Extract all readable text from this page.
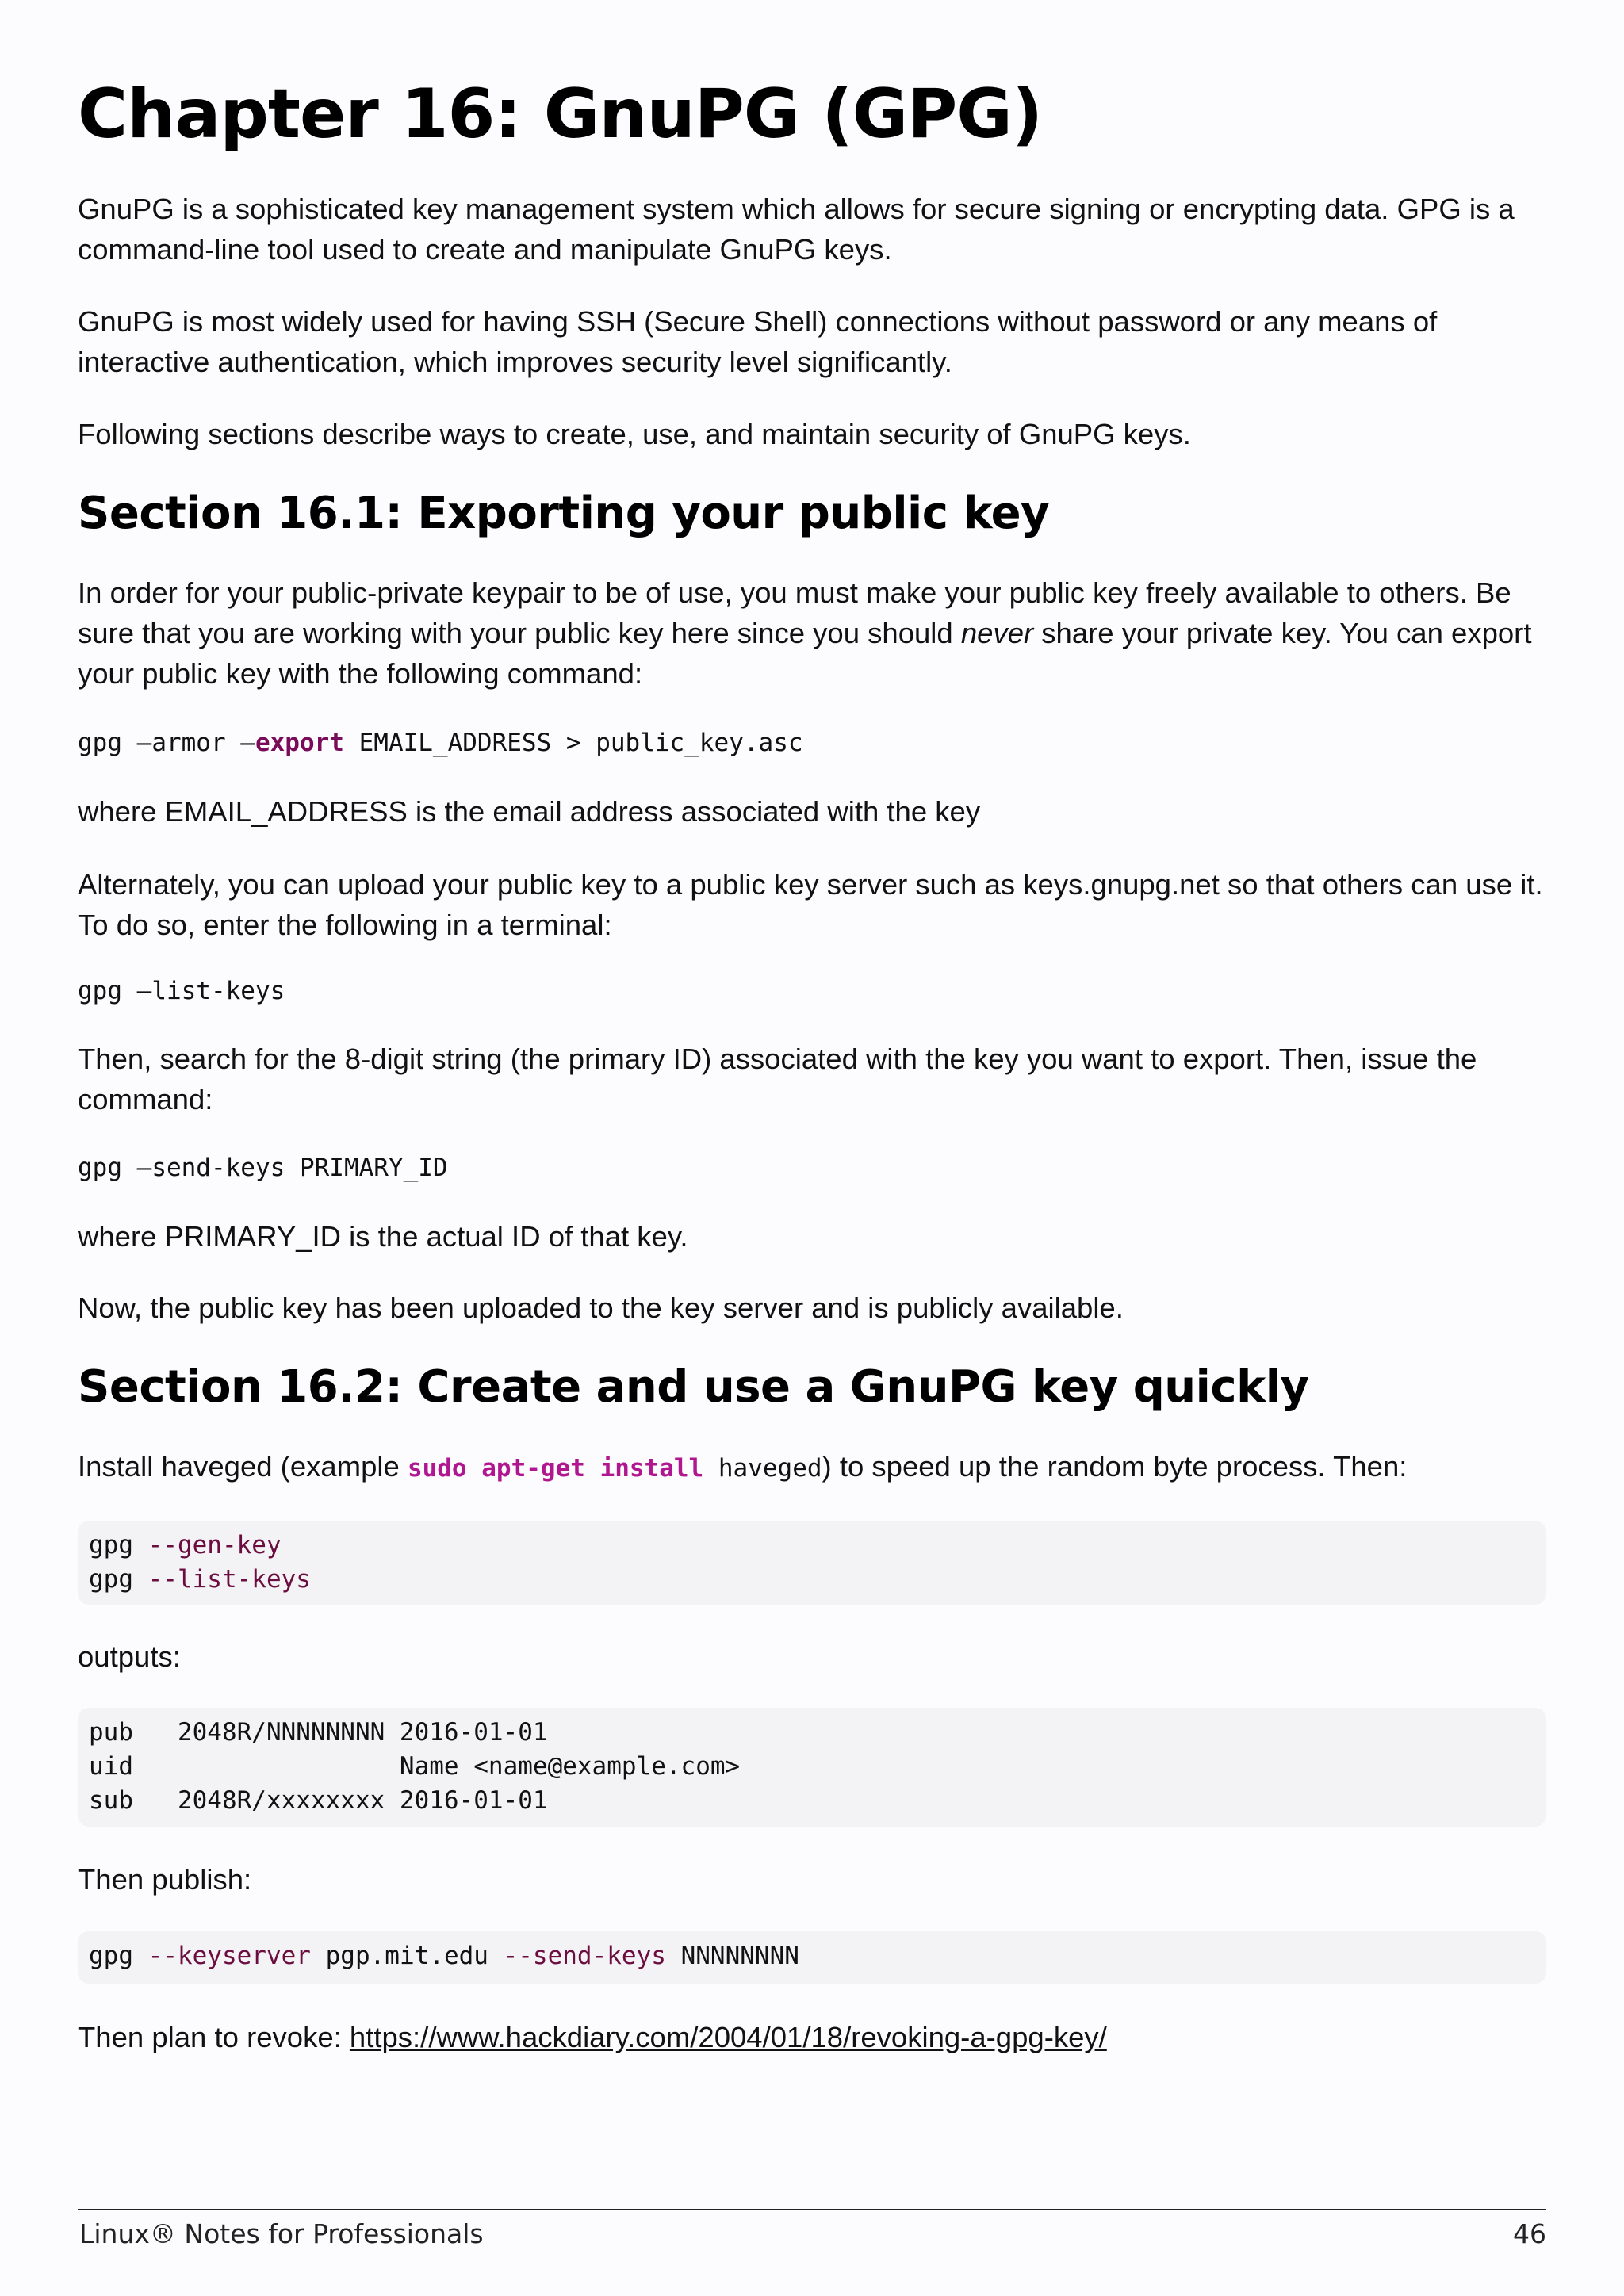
Chapter 16: GnuPG (GPG)

GnuPG is a sophisticated key management system which allows for secure signing or encrypting data. GPG is a command-line tool used to create and manipulate GnuPG keys.

GnuPG is most widely used for having SSH (Secure Shell) connections without password or any means of interactive authentication, which improves security level significantly.

Following sections describe ways to create, use, and maintain security of GnuPG keys.

Section 16.1: Exporting your public key

In order for your public-private keypair to be of use, you must make your public key freely available to others. Be sure that you are working with your public key here since you should never share your private key. You can export your public key with the following command:

gpg –armor –export EMAIL_ADDRESS > public_key.asc

where EMAIL_ADDRESS is the email address associated with the key

Alternately, you can upload your public key to a public key server such as keys.gnupg.net so that others can use it. To do so, enter the following in a terminal:

gpg –list-keys

Then, search for the 8-digit string (the primary ID) associated with the key you want to export. Then, issue the command:

gpg –send-keys PRIMARY_ID

where PRIMARY_ID is the actual ID of that key.

Now, the public key has been uploaded to the key server and is publicly available.

Section 16.2: Create and use a GnuPG key quickly

Install haveged (example sudo apt-get install haveged) to speed up the random byte process. Then:

gpg --gen-key
gpg --list-keys

outputs:

pub   2048R/NNNNNNNN 2016-01-01
uid                  Name <name@example.com>
sub   2048R/xxxxxxxx 2016-01-01

Then publish:

gpg --keyserver pgp.mit.edu --send-keys NNNNNNNN

Then plan to revoke: https://www.hackdiary.com/2004/01/18/revoking-a-gpg-key/

Linux® Notes for Professionals	46
